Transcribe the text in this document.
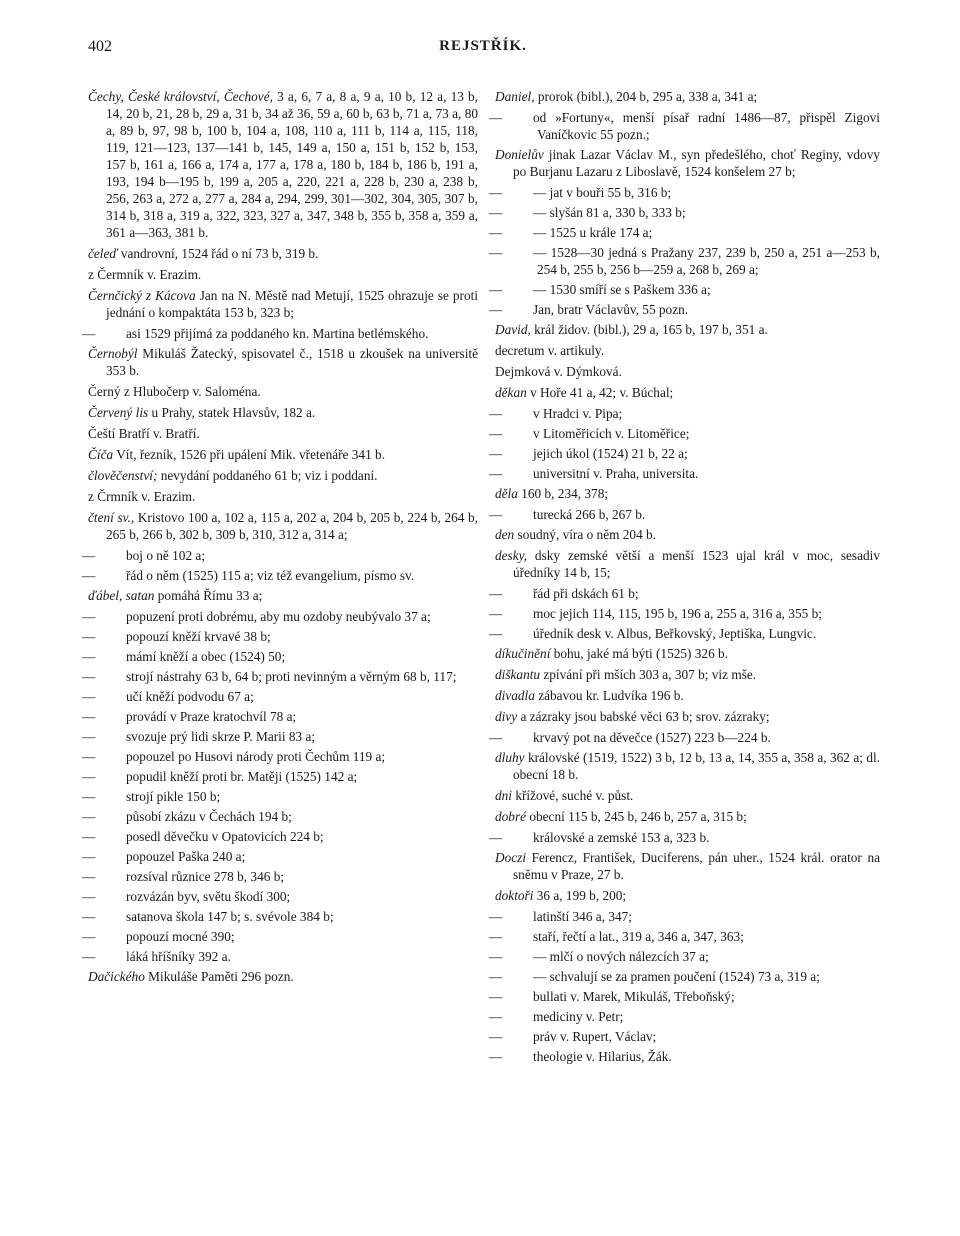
402	REJSTŘÍK.

Čechy, České království, Čechové, 3 a, 6, 7 a, 8 a, 9 a, 10 b, 12 a, 13 b, 14, 20 b, 21, 28 b, 29 a, 31 b, 34 až 36, 59 a, 60 b, 63 b, 71 a, 73 a, 80 a, 89 b, 97, 98 b, 100 b, 104 a, 108, 110 a, 111 b, 114 a, 115, 118, 119, 121—123, 137—141 b, 145, 149 a, 150 a, 151 b, 152 b, 153, 157 b, 161 a, 166 a, 174 a, 177 a, 178 a, 180 b, 184 b, 186 b, 191 a, 193, 194 b—195 b, 199 a, 205 a, 220, 221 a, 228 b, 230 a, 238 b, 256, 263 a, 272 a, 277 a, 284 a, 294, 299, 301—302, 304, 305, 307 b, 314 b, 318 a, 319 a, 322, 323, 327 a, 347, 348 b, 355 b, 358 a, 359 a, 361 a—363, 381 b.

čeleď vandrovní, 1524 řád o ní 73 b, 319 b.

z Čermník v. Erazim.

Černčický z Kácova Jan na N. Městě nad Metují, 1525 ohrazuje se proti jednání o kompaktáta 153 b, 323 b;

— asi 1529 přijímá za poddaného kn. Martina betlémského.

Černobýl Mikuláš Žatecký, spisovatel č., 1518 u zkoušek na universitě 353 b.

Černý z Hlubočerp v. Saloména.

Červený lis u Prahy, statek Hlavsův, 182 a.

Čeští Bratří v. Bratří.

Číča Vít, řezník, 1526 při upálení Mik. vřetenáře 341 b.

člověčenství; nevydání poddaného 61 b; viz i poddaní.

z Črmník v. Erazim.

čtení sv., Kristovo 100 a, 102 a, 115 a, 202 a, 204 b, 205 b, 224 b, 264 b, 265 b, 266 b, 302 b, 309 b, 310, 312 a, 314 a;

— boj o ně 102 a;

— řád o něm (1525) 115 a; viz též evangelium, písmo sv.

ďábel, satan pomáhá Římu 33 a;

— popuzení proti dobrému, aby mu ozdoby neubývalo 37 a;

— popouzí kněží krvavé 38 b;

— mámí kněží a obec (1524) 50;

— strojí nástrahy 63 b, 64 b; proti nevinným a věrným 68 b, 117;

— učí kněží podvodu 67 a;

— provádí v Praze kratochvíl 78 a;

— svozuje prý lidi skrze P. Marii 83 a;

— popouzel po Husovi národy proti Čechům 119 a;

— popudil kněží proti br. Matěji (1525) 142 a;

— strojí pikle 150 b;

— působí zkázu v Čechách 194 b;

— posedl děvečku v Opatovicích 224 b;

— popouzel Paška 240 a;

— rozsíval různice 278 b, 346 b;

— rozvázán byv, světu škodí 300;

— satanova škola 147 b; s. svévole 384 b;

— popouzí mocné 390;

— láká hříšníky 392 a.

Dačického Mikuláše Paměti 296 pozn.

Daniel, prorok (bibl.), 204 b, 295 a, 338 a, 341 a;

— od »Fortuny«, menší písař radní 1486—87, přispěl Zigovi Vaníčkovic 55 pozn.;

Donielův jinak Lazar Václav M., syn předešlého, choť Reginy, vdovy po Burjanu Lazaru z Liboslavě, 1524 konšelem 27 b;

— — jat v bouři 55 b, 316 b;

— — slyšán 81 a, 330 b, 333 b;

— — 1525 u krále 174 a;

— — 1528—30 jedná s Pražany 237, 239 b, 250 a, 251 a—253 b, 254 b, 255 b, 256 b—259 a, 268 b, 269 a;

— — 1530 smíří se s Paškem 336 a;

— Jan, bratr Václavův, 55 pozn.

David, král židov. (bibl.), 29 a, 165 b, 197 b, 351 a.

decretum v. artikuly.

Dejmková v. Dýmková.

děkan v Hoře 41 a, 42; v. Búchal;

— v Hradci v. Pipa;

— v Litoměřicích v. Litoměřice;

— jejich úkol (1524) 21 b, 22 a;

— universitní v. Praha, universita.

děla 160 b, 234, 378;

— turecká 266 b, 267 b.

den soudný, víra o něm 204 b.

desky, dsky zemské větší a menší 1523 ujal král v moc, sesadiv úředníky 14 b, 15;

— řád při dskách 61 b;

— moc jejich 114, 115, 195 b, 196 a, 255 a, 316 a, 355 b;

— úředník desk v. Albus, Beřkovský, Jeptiška, Lungvic.

díkučinění bohu, jaké má býti (1525) 326 b.

diškantu zpívání při mších 303 a, 307 b; viz mše.

divadla zábavou kr. Ludvíka 196 b.

divy a zázraky jsou babské věci 63 b; srov. zázraky;

— krvavý pot na děvečce (1527) 223 b—224 b.

dluhy královské (1519, 1522) 3 b, 12 b, 13 a, 14, 355 a, 358 a, 362 a; dl. obecní 18 b.

dni křížové, suché v. půst.

dobré obecní 115 b, 245 b, 246 b, 257 a, 315 b;

— královské a zemské 153 a, 323 b.

Doczi Ferencz, František, Duciferens, pán uher., 1524 král. orator na sněmu v Praze, 27 b.

doktoři 36 a, 199 b, 200;

— latinští 346 a, 347;

— staří, řečtí a lat., 319 a, 346 a, 347, 363;

— — mlčí o nových nálezcích 37 a;

— — schvalují se za pramen poučení (1524) 73 a, 319 a;

— bullati v. Marek, Mikuláš, Třeboňský;

— mediciny v. Petr;

— práv v. Rupert, Václav;

— theologie v. Hilarius, Žák.
